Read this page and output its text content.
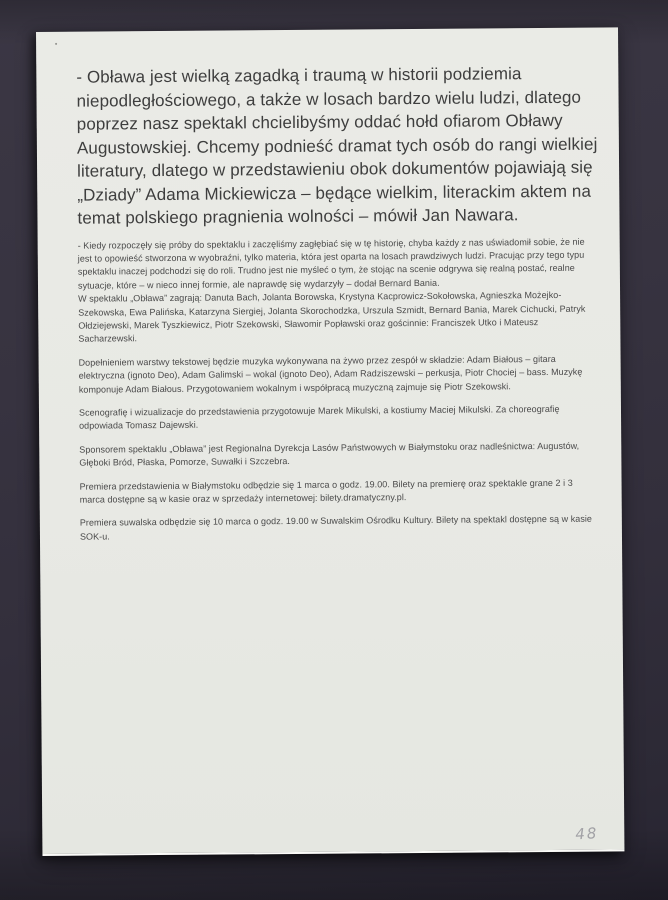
- Obława jest wielką zagadką i traumą w historii podziemia
niepodległościowego, a także w losach bardzo wielu ludzi, dlatego
poprzez nasz spektakl chcielibyśmy oddać hołd ofiarom Obławy
Augustowskiej. Chcemy podnieść dramat tych osób do rangi wielkiej
literatury, dlatego w przedstawieniu obok dokumentów pojawiają się
„Dziady” Adama Mickiewicza – będące wielkim, literackim aktem na
temat polskiego pragnienia wolności – mówił Jan Nawara.

- Kiedy rozpoczęły się próby do spektaklu i zaczęliśmy zagłębiać się w tę historię, chyba każdy z nas uświadomił sobie, że nie
jest to opowieść stworzona w wyobraźni, tylko materia, która jest oparta na losach prawdziwych ludzi. Pracując przy tego typu
spektaklu inaczej podchodzi się do roli. Trudno jest nie myśleć o tym, że stojąc na scenie odgrywa się realną postać, realne
sytuacje, które – w nieco innej formie, ale naprawdę się wydarzyły – dodał Bernard Bania.
W spektaklu „Obława” zagrają: Danuta Bach, Jolanta Borowska, Krystyna Kacprowicz-Sokołowska, Agnieszka Możejko-
Szekowska, Ewa Palińska, Katarzyna Siergiej, Jolanta Skorochodzka, Urszula Szmidt, Bernard Bania, Marek Cichucki, Patryk
Ołdziejewski, Marek Tyszkiewicz, Piotr Szekowski, Sławomir Popławski oraz gościnnie: Franciszek Utko i Mateusz
Sacharzewski.

Dopełnieniem warstwy tekstowej będzie muzyka wykonywana na żywo przez zespół w składzie: Adam Białous – gitara
elektryczna (ignoto Deo), Adam Galimski – wokal (ignoto Deo), Adam Radziszewski – perkusja, Piotr Chociej – bass. Muzykę
komponuje Adam Białous. Przygotowaniem wokalnym i współpracą muzyczną zajmuje się Piotr Szekowski.

Scenografię i wizualizacje do przedstawienia przygotowuje Marek Mikulski, a kostiumy Maciej Mikulski. Za choreografię
odpowiada Tomasz Dajewski.

Sponsorem spektaklu „Obława” jest Regionalna Dyrekcja Lasów Państwowych w Białymstoku oraz nadleśnictwa: Augustów,
Głęboki Bród, Płaska, Pomorze, Suwałki i Szczebra.

Premiera przedstawienia w Białymstoku odbędzie się 1 marca o godz. 19.00. Bilety na premierę oraz spektakle grane 2 i 3
marca dostępne są w kasie oraz w sprzedaży internetowej: bilety.dramatyczny.pl.

Premiera suwalska odbędzie się 10 marca o godz. 19.00 w Suwalskim Ośrodku Kultury. Bilety na spektakl dostępne są w kasie
SOK-u.

48
